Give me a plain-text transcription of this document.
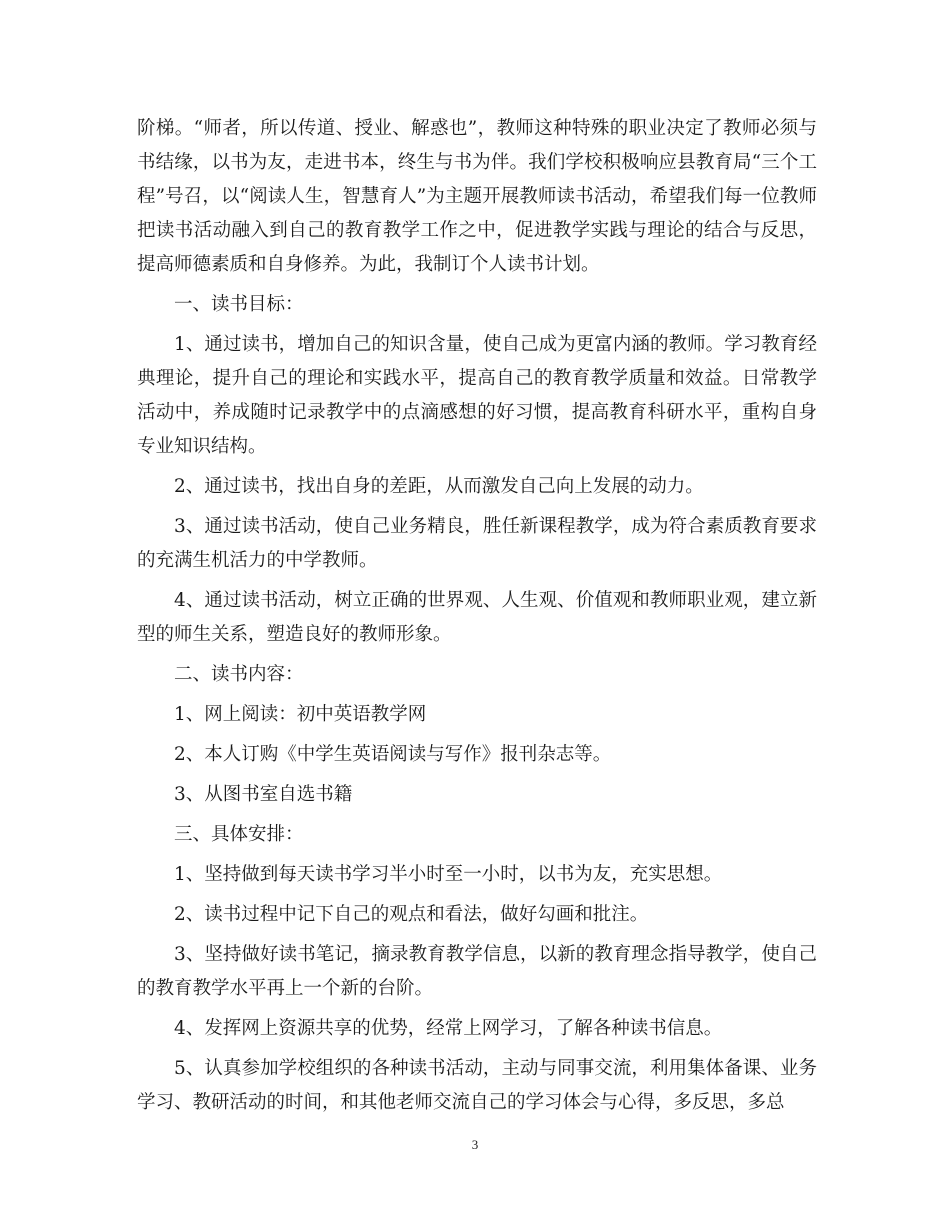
阶梯。“师者，所以传道、授业、解惑也”，教师这种特殊的职业决定了教师必须与书结缘，以书为友，走进书本，终生与书为伴。我们学校积极响应县教育局“三个工程”号召，以“阅读人生，智慧育人”为主题开展教师读书活动，希望我们每一位教师把读书活动融入到自己的教育教学工作之中，促进教学实践与理论的结合与反思，提高师德素质和自身修养。为此，我制订个人读书计划。

一、读书目标：

1、通过读书，增加自己的知识含量，使自己成为更富内涵的教师。学习教育经典理论，提升自己的理论和实践水平，提高自己的教育教学质量和效益。日常教学活动中，养成随时记录教学中的点滴感想的好习惯，提高教育科研水平，重构自身专业知识结构。

2、通过读书，找出自身的差距，从而激发自己向上发展的动力。

3、通过读书活动，使自己业务精良，胜任新课程教学，成为符合素质教育要求的充满生机活力的中学教师。

4、通过读书活动，树立正确的世界观、人生观、价值观和教师职业观，建立新型的师生关系，塑造良好的教师形象。

二、读书内容：

1、网上阅读：初中英语教学网

2、本人订购《中学生英语阅读与写作》报刊杂志等。

3、从图书室自选书籍

三、具体安排：

1、坚持做到每天读书学习半小时至一小时，以书为友，充实思想。

2、读书过程中记下自己的观点和看法，做好勾画和批注。

3、坚持做好读书笔记，摘录教育教学信息，以新的教育理念指导教学，使自己的教育教学水平再上一个新的台阶。

4、发挥网上资源共享的优势，经常上网学习，了解各种读书信息。

5、认真参加学校组织的各种读书活动，主动与同事交流，利用集体备课、业务学习、教研活动的时间，和其他老师交流自己的学习体会与心得，多反思，多总

3
